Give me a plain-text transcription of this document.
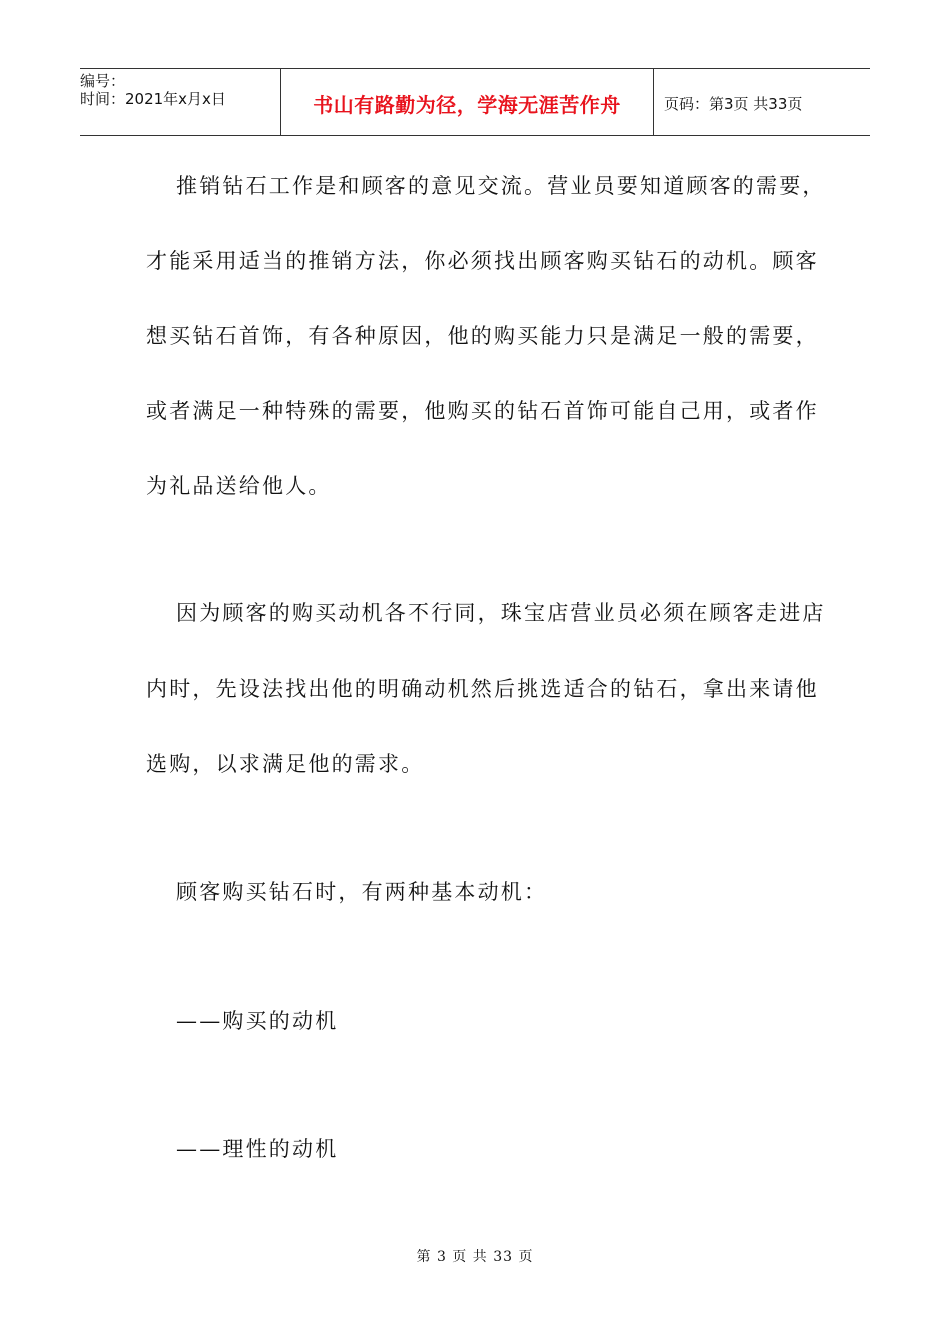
编号：
时间：2021年x月x日	书山有路勤为径，学海无涯苦作舟	页码：第3页 共33页
推销钻石工作是和顾客的意见交流。营业员要知道顾客的需要，
才能采用适当的推销方法，你必须找出顾客购买钻石的动机。顾客
想买钻石首饰，有各种原因，他的购买能力只是满足一般的需要，
或者满足一种特殊的需要，他购买的钻石首饰可能自己用，或者作
为礼品送给他人。
因为顾客的购买动机各不行同，珠宝店营业员必须在顾客走进店
内时，先设法找出他的明确动机然后挑选适合的钻石，拿出来请他
选购，以求满足他的需求。
顾客购买钻石时，有两种基本动机：
——购买的动机
——理性的动机
第 3 页 共 33 页
